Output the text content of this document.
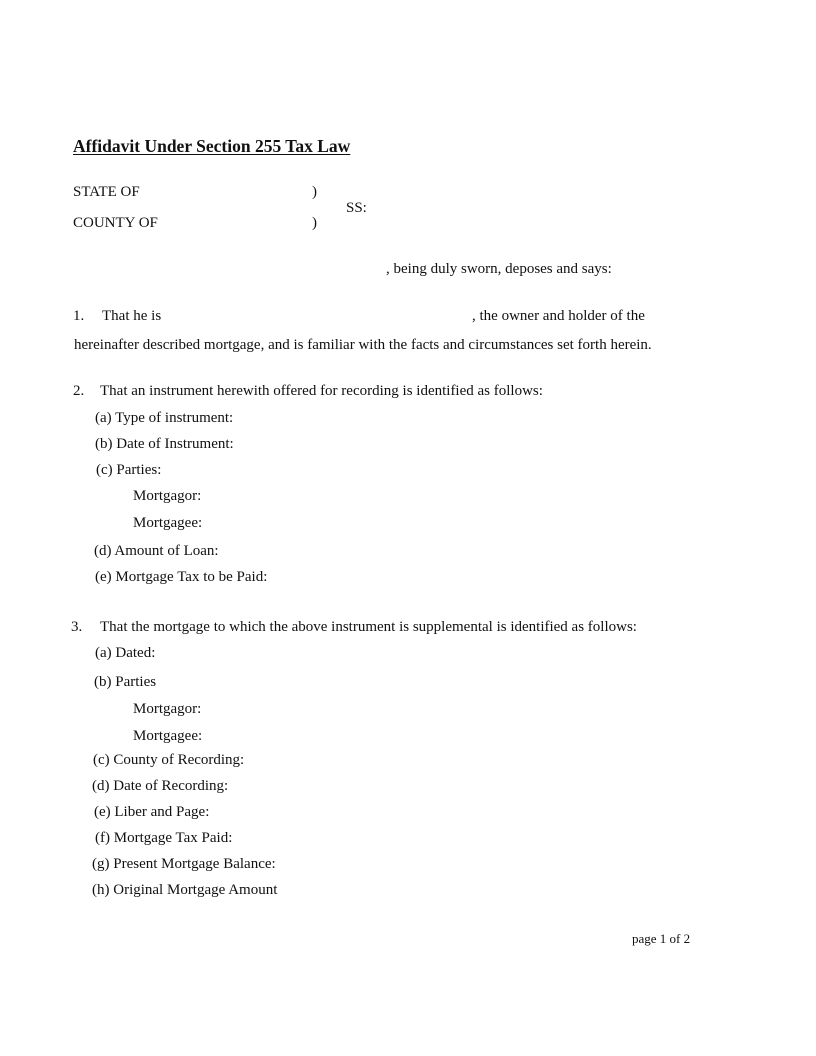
Affidavit Under Section 255 Tax Law
STATE OF	)
SS:
COUNTY OF	)
, being duly sworn, deposes and says:
1. That he is	, the owner and holder of the
hereinafter described mortgage, and is familiar with the facts and circumstances set forth herein.
2. That an instrument herewith offered for recording is identified as follows:
(a) Type of instrument:
(b) Date of Instrument:
(c) Parties:
Mortgagor:
Mortgagee:
(d) Amount of Loan:
(e) Mortgage Tax to be Paid:
3. That the mortgage to which the above instrument is supplemental is identified as follows:
(a) Dated:
(b) Parties
Mortgagor:
Mortgagee:
(c) County of Recording:
(d) Date of Recording:
(e) Liber and Page:
(f) Mortgage Tax Paid:
(g) Present Mortgage Balance:
(h) Original Mortgage Amount
page 1 of 2
